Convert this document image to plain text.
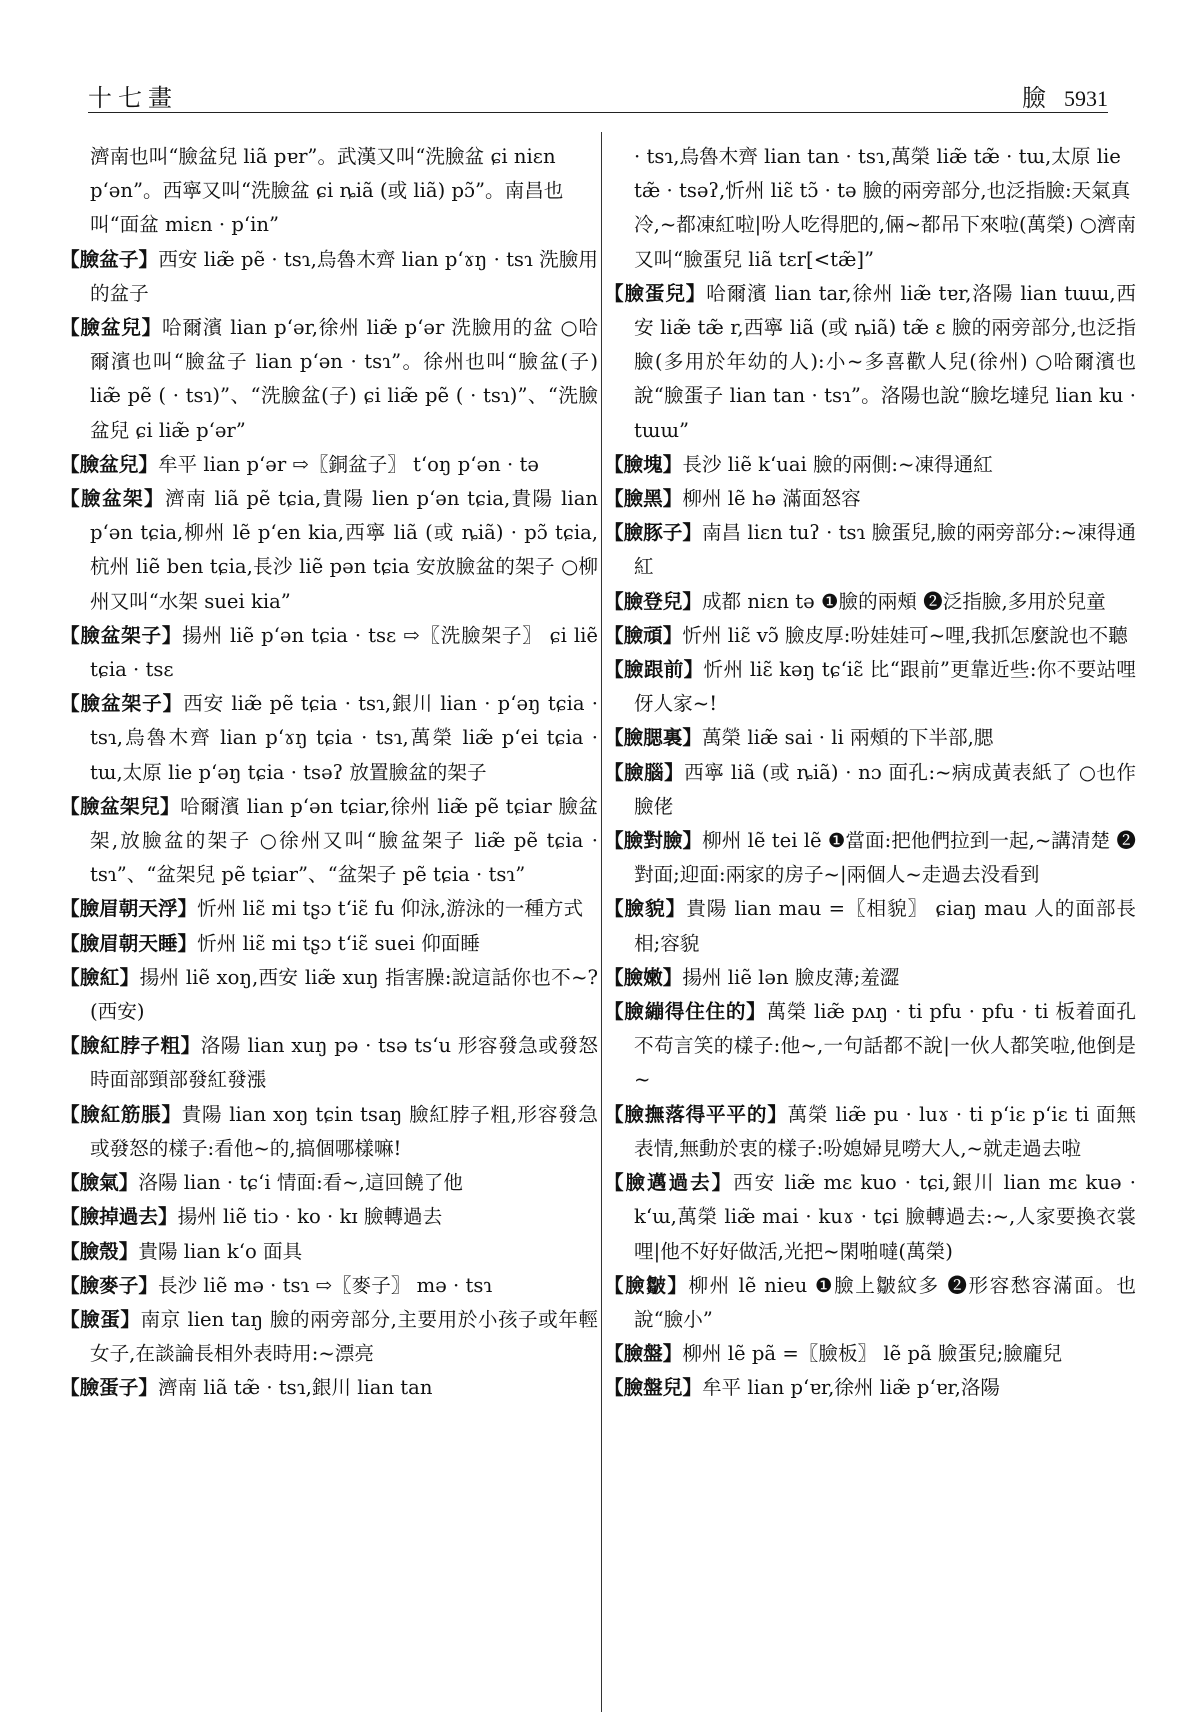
十七畫	臉 5931

濟南也叫“臉盆兒 liã pɐr”。武漢又叫“洗臉盆 ɕi niɛn pʻən”。西寧又叫“洗臉盆 ɕi ȵiã (或 liã) pɔ̃”。南昌也叫“面盆 miɛn · pʻin”

【臉盆子】西安 liæ̃ pẽ · tsɿ,烏魯木齊 lian pʻɤŋ · tsɿ 洗臉用的盆子

【臉盆兒】哈爾濱 lian pʻər,徐州 liæ̃ pʻər 洗臉用的盆 ○哈爾濱也叫“臉盆子 lian pʻən · tsɿ”。徐州也叫“臉盆(子) liæ̃ pẽ ( · tsɿ)”、“洗臉盆(子) ɕi liæ̃ pẽ ( · tsɿ)”、“洗臉盆兒 ɕi liæ̃ pʻər”

【臉盆兒】牟平 lian pʻər ⇨〖銅盆子〗 tʻoŋ pʻən · tə

【臉盆架】濟南 liã pẽ tɕia,貴陽 lien pʻən tɕia,貴陽 lian pʻən tɕia,柳州 lẽ pʻen kia,西寧 liã (或 ȵiã) · pɔ̃ tɕia,杭州 liẽ ben tɕia,長沙 liẽ pən tɕia 安放臉盆的架子 ○柳州又叫“水架 suei kia”

【臉盆架子】揚州 liẽ pʻən tɕia · tsɛ ⇨〖洗臉架子〗 ɕi liẽ tɕia · tsɛ

【臉盆架子】西安 liæ̃ pẽ tɕia · tsɿ,銀川 lian · pʻəŋ tɕia · tsɿ,烏魯木齊 lian pʻɤŋ tɕia · tsɿ,萬榮 liæ̃ pʻei tɕia · tɯ,太原 lie pʻəŋ tɕia · tsəʔ 放置臉盆的架子

【臉盆架兒】哈爾濱 lian pʻən tɕiar,徐州 liæ̃ pẽ tɕiar 臉盆架,放臉盆的架子 ○徐州又叫“臉盆架子 liæ̃ pẽ tɕia · tsɿ”、“盆架兒 pẽ tɕiar”、“盆架子 pẽ tɕia · tsɿ”

【臉眉朝天浮】忻州 liɛ̃ mi tʂɔ tʻiɛ̃ fu 仰泳,游泳的一種方式

【臉眉朝天睡】忻州 liɛ̃ mi tʂɔ tʻiɛ̃ suei 仰面睡

【臉紅】揚州 liẽ xoŋ,西安 liæ̃ xuŋ 指害臊:說這話你也不~?(西安)

【臉紅脖子粗】洛陽 lian xuŋ pə · tsə tsʻu 形容發急或發怒時面部頸部發紅發漲

【臉紅筋脹】貴陽 lian xoŋ tɕin tsaŋ 臉紅脖子粗,形容發急或發怒的樣子:看他~的,搞個哪樣嘛!

【臉氣】洛陽 lian · tɕʻi 情面:看~,這回饒了他

【臉掉過去】揚州 liẽ tiɔ · ko · kɪ 臉轉過去

【臉殼】貴陽 lian kʻo 面具

【臉麥子】長沙 liẽ mə · tsɿ ⇨〖麥子〗 mə · tsɿ

【臉蛋】南京 lien taŋ 臉的兩旁部分,主要用於小孩子或年輕女子,在談論長相外表時用:~漂亮

【臉蛋子】濟南 liã tæ̃ · tsɿ,銀川 lian tan

· tsɿ,烏魯木齊 lian tan · tsɿ,萬榮 liæ̃ tæ̃ · tɯ,太原 lie tæ̃ · tsəʔ,忻州 liɛ̃ tɔ̃ · tə 臉的兩旁部分,也泛指臉:天氣真冷,~都凍紅啦|吩人吃得肥的,倆~都吊下來啦(萬榮) ○濟南又叫“臉蛋兒 liã tɛr[<tæ̃]”

【臉蛋兒】哈爾濱 lian tar,徐州 liæ̃ tɐr,洛陽 lian tɯɯ,西安 liæ̃ tæ̃ r,西寧 liã (或 ȵiã) tæ̃ ɛ 臉的兩旁部分,也泛指臉(多用於年幼的人):小~多喜歡人兒(徐州) ○哈爾濱也說“臉蛋子 lian tan · tsɿ”。洛陽也說“臉圪墶兒 lian ku · tɯɯ”

【臉塊】長沙 liẽ kʻuai 臉的兩側:~凍得通紅

【臉黑】柳州 lẽ hə 滿面怒容

【臉豚子】南昌 liɛn tuʔ · tsɿ 臉蛋兒,臉的兩旁部分:~凍得通紅

【臉登兒】成都 niɛn tə ❶臉的兩頰 ❷泛指臉,多用於兒童

【臉頑】忻州 liɛ̃ vɔ̃ 臉皮厚:吩娃娃可~哩,我抓怎麼說也不聽

【臉跟前】忻州 liɛ̃ kəŋ tɕʻiɛ̃ 比“跟前”更靠近些:你不要站哩伢人家~!

【臉腮裏】萬榮 liæ̃ sai · li 兩頰的下半部,腮

【臉腦】西寧 liã (或 ȵiã) · nɔ 面孔:~病成黃表紙了 ○也作臉佬

【臉對臉】柳州 lẽ tei lẽ ❶當面:把他們拉到一起,~講清楚 ❷對面;迎面:兩家的房子~|兩個人~走過去没看到

【臉貌】貴陽 lian mau =〖相貌〗 ɕiaŋ mau 人的面部長相;容貌

【臉嫩】揚州 liẽ lən 臉皮薄;羞澀

【臉繃得住住的】萬榮 liæ̃ pʌŋ · ti pfu · pfu · ti 板着面孔不苟言笑的樣子:他~,一句話都不說|一伙人都笑啦,他倒是~

【臉撫落得平平的】萬榮 liæ̃ pu · luɤ · ti pʻiɛ pʻiɛ ti 面無表情,無動於衷的樣子:吩媳婦見嘮大人,~就走過去啦

【臉邁過去】西安 liæ̃ mɛ kuo · tɕi,銀川 lian mɛ kuə · kʻɯ,萬榮 liæ̃ mai · kuɤ · tɕi 臉轉過去:~,人家要換衣裳哩|他不好好做活,光把~閑啪噠(萬榮)

【臉皺】柳州 lẽ nieu ❶臉上皺紋多 ❷形容愁容滿面。也說“臉小”

【臉盤】柳州 lẽ pã =〖臉板〗 lẽ pã 臉蛋兒;臉龐兒

【臉盤兒】牟平 lian pʻɐr,徐州 liæ̃ pʻɐr,洛陽
